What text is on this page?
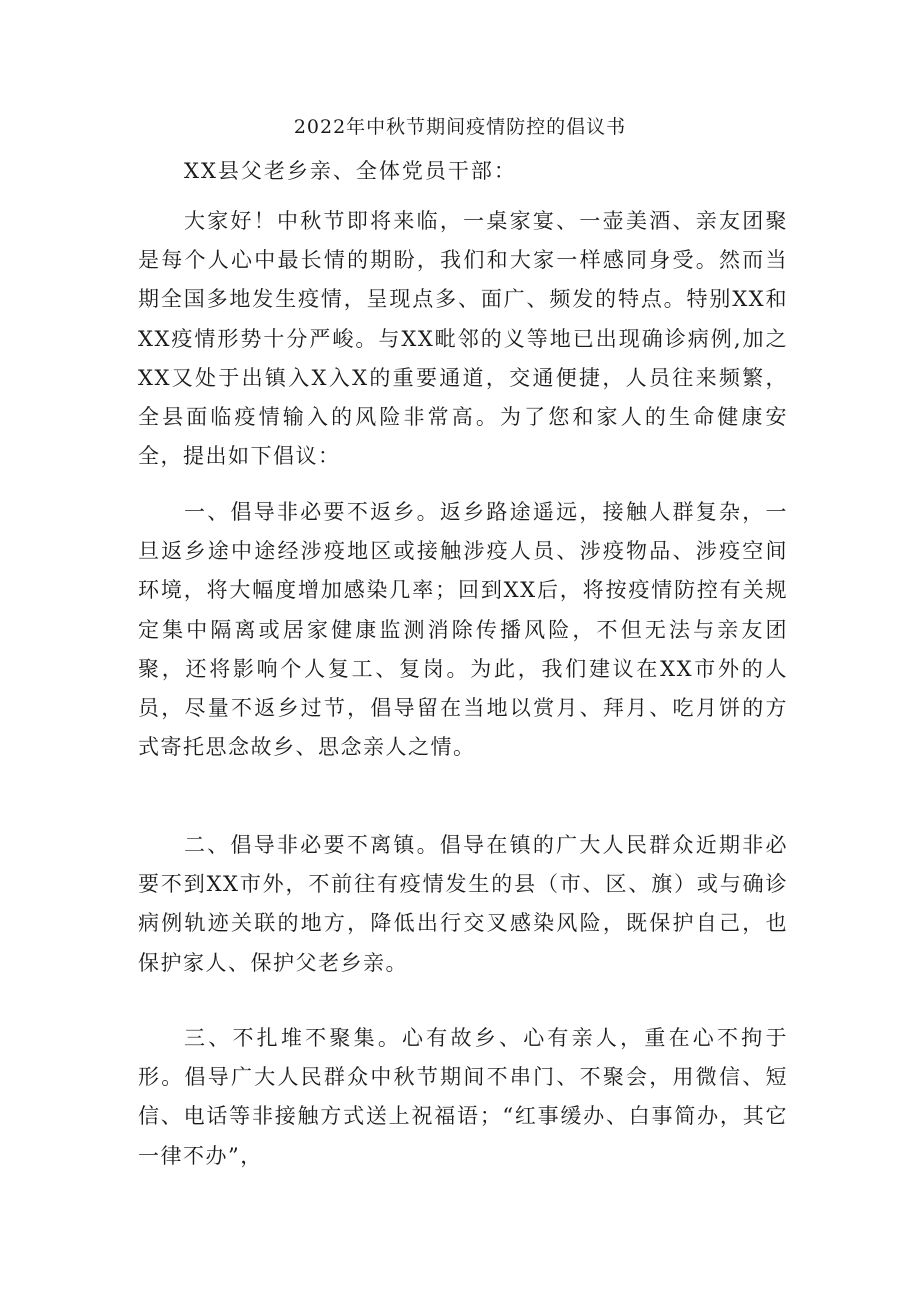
2022年中秋节期间疫情防控的倡议书
XX县父老乡亲、全体党员干部：

大家好！中秋节即将来临，一桌家宴、一壶美酒、亲友团聚是每个人心中最长情的期盼，我们和大家一样感同身受。然而当期全国多地发生疫情，呈现点多、面广、频发的特点。特别XX和XX疫情形势十分严峻。与XX毗邻的义等地已出现确诊病例,加之XX又处于出镇入X入X的重要通道，交通便捷，人员往来频繁，全县面临疫情输入的风险非常高。为了您和家人的生命健康安全，提出如下倡议：

一、倡导非必要不返乡。返乡路途遥远，接触人群复杂，一旦返乡途中途经涉疫地区或接触涉疫人员、涉疫物品、涉疫空间环境，将大幅度增加感染几率；回到XX后，将按疫情防控有关规定集中隔离或居家健康监测消除传播风险，不但无法与亲友团聚，还将影响个人复工、复岗。为此，我们建议在XX市外的人员，尽量不返乡过节，倡导留在当地以赏月、拜月、吃月饼的方式寄托思念故乡、思念亲人之情。

二、倡导非必要不离镇。倡导在镇的广大人民群众近期非必要不到XX市外，不前往有疫情发生的县（市、区、旗）或与确诊病例轨迹关联的地方，降低出行交叉感染风险，既保护自己，也保护家人、保护父老乡亲。

三、不扎堆不聚集。心有故乡、心有亲人，重在心不拘于形。倡导广大人民群众中秋节期间不串门、不聚会，用微信、短信、电话等非接触方式送上祝福语；“红事缓办、白事简办，其它一律不办”，
